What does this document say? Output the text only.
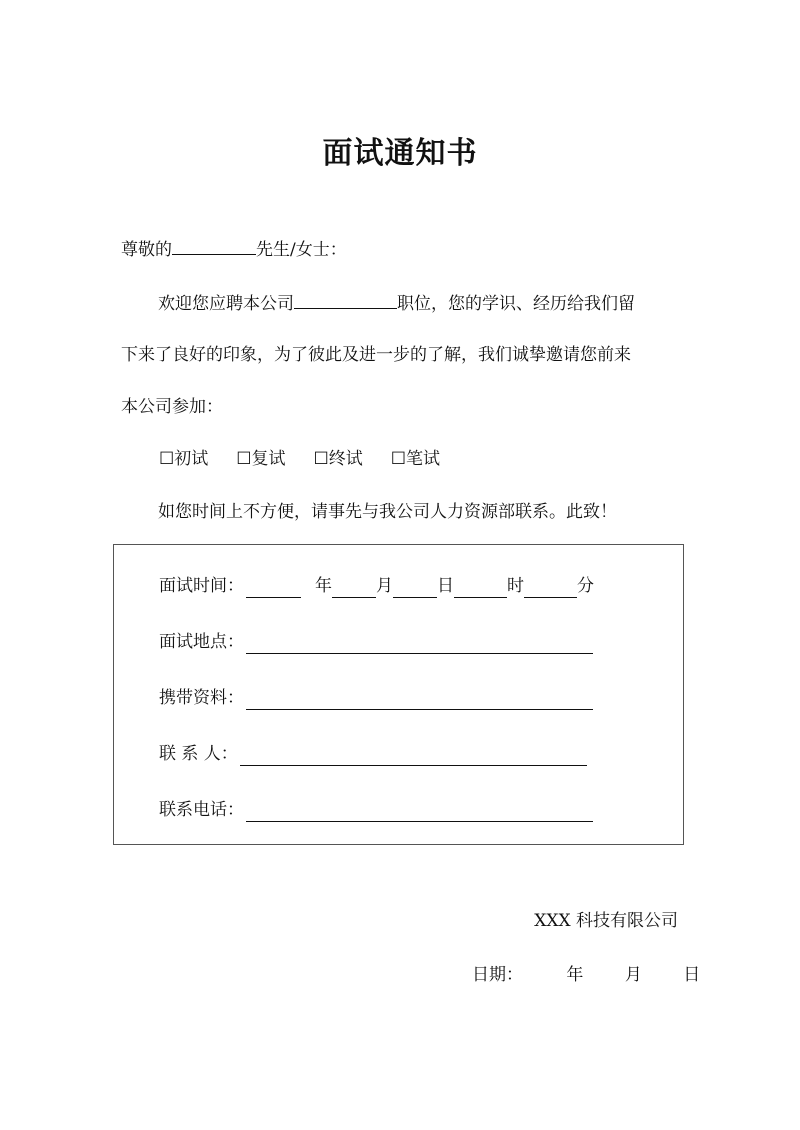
面试通知书
尊敬的	先生/女士：
欢迎您应聘本公司	职位，您的学识、经历给我们留
下来了良好的印象，为了彼此及进一步的了解，我们诚挚邀请您前来
本公司参加：
☐初试 ☐复试 ☐终试 ☐笔试
如您时间上不方便，请事先与我公司人力资源部联系。此致！
面试时间：	年	月	日	时	分
面试地点：
携带资料：
联 系 人：
联系电话：
XXX 科技有限公司
日期：	年 月 日
